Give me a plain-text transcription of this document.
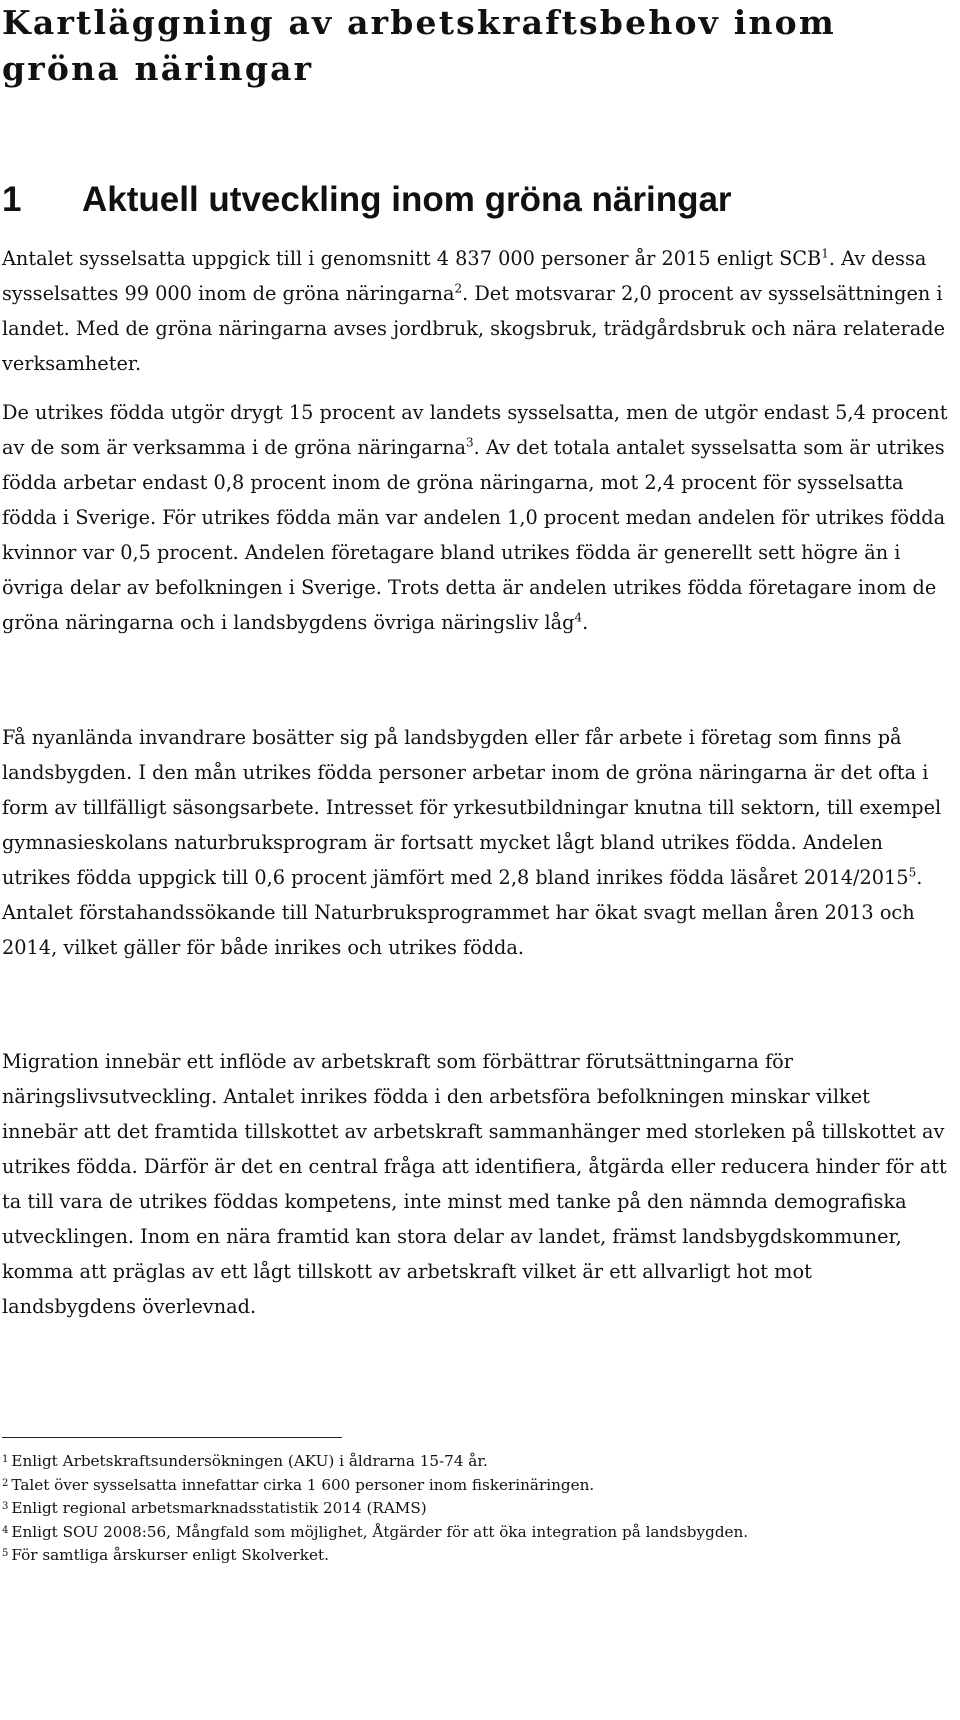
Kartläggning av arbetskraftsbehov inom gröna näringar
1 Aktuell utveckling inom gröna näringar

Antalet sysselsatta uppgick till i genomsnitt 4 837 000 personer år 2015 enligt SCB$^1$. Av dessa sysselsattes 99 000 inom de gröna näringarna$^2$. Det motsvarar 2,0 procent av sysselsättningen i landet. Med de gröna näringarna avses jordbruk, skogsbruk, trädgårdsbruk och nära relaterade verksamheter.

De utrikes födda utgör drygt 15 procent av landets sysselsatta, men de utgör endast 5,4 procent av de som är verksamma i de gröna näringarna$^3$. Av det totala antalet sysselsatta som är utrikes födda arbetar endast 0,8 procent inom de gröna näringarna, mot 2,4 procent för sysselsatta födda i Sverige. För utrikes födda män var andelen 1,0 procent medan andelen för utrikes födda kvinnor var 0,5 procent. Andelen företagare bland utrikes födda är generellt sett högre än i övriga delar av befolkningen i Sverige. Trots detta är andelen utrikes födda företagare inom de gröna näringarna och i landsbygdens övriga näringsliv låg$^4$.

Få nyanlända invandrare bosätter sig på landsbygden eller får arbete i företag som finns på landsbygden. I den mån utrikes födda personer arbetar inom de gröna näringarna är det ofta i form av tillfälligt säsongsarbete. Intresset för yrkesutbildningar knutna till sektorn, till exempel gymnasieskolans naturbruksprogram är fortsatt mycket lågt bland utrikes födda. Andelen utrikes födda uppgick till 0,6 procent jämfört med 2,8 bland inrikes födda läsåret 2014/2015$^5$. Antalet förstahandssökande till Naturbruksprogrammet har ökat svagt mellan åren 2013 och 2014, vilket gäller för både inrikes och utrikes födda.

Migration innebär ett inflöde av arbetskraft som förbättrar förutsättningarna för näringslivsutveckling. Antalet inrikes födda i den arbetsföra befolkningen minskar vilket innebär att det framtida tillskottet av arbetskraft sammanhänger med storleken på tillskottet av utrikes födda. Därför är det en central fråga att identifiera, åtgärda eller reducera hinder för att ta till vara de utrikes föddas kompetens, inte minst med tanke på den nämnda demografiska utvecklingen. Inom en nära framtid kan stora delar av landet, främst landsbygdskommuner, komma att präglas av ett lågt tillskott av arbetskraft vilket är ett allvarligt hot mot landsbygdens överlevnad.

$^1$ Enligt Arbetskraftsundersökningen (AKU) i åldrarna 15-74 år.
$^2$ Talet över sysselsatta innefattar cirka 1 600 personer inom fiskerinäringen.
$^3$ Enligt regional arbetsmarknadsstatistik 2014 (RAMS)
$^4$ Enligt SOU 2008:56, Mångfald som möjlighet, Åtgärder för att öka integration på landsbygden.
$^5$ För samtliga årskurser enligt Skolverket.
